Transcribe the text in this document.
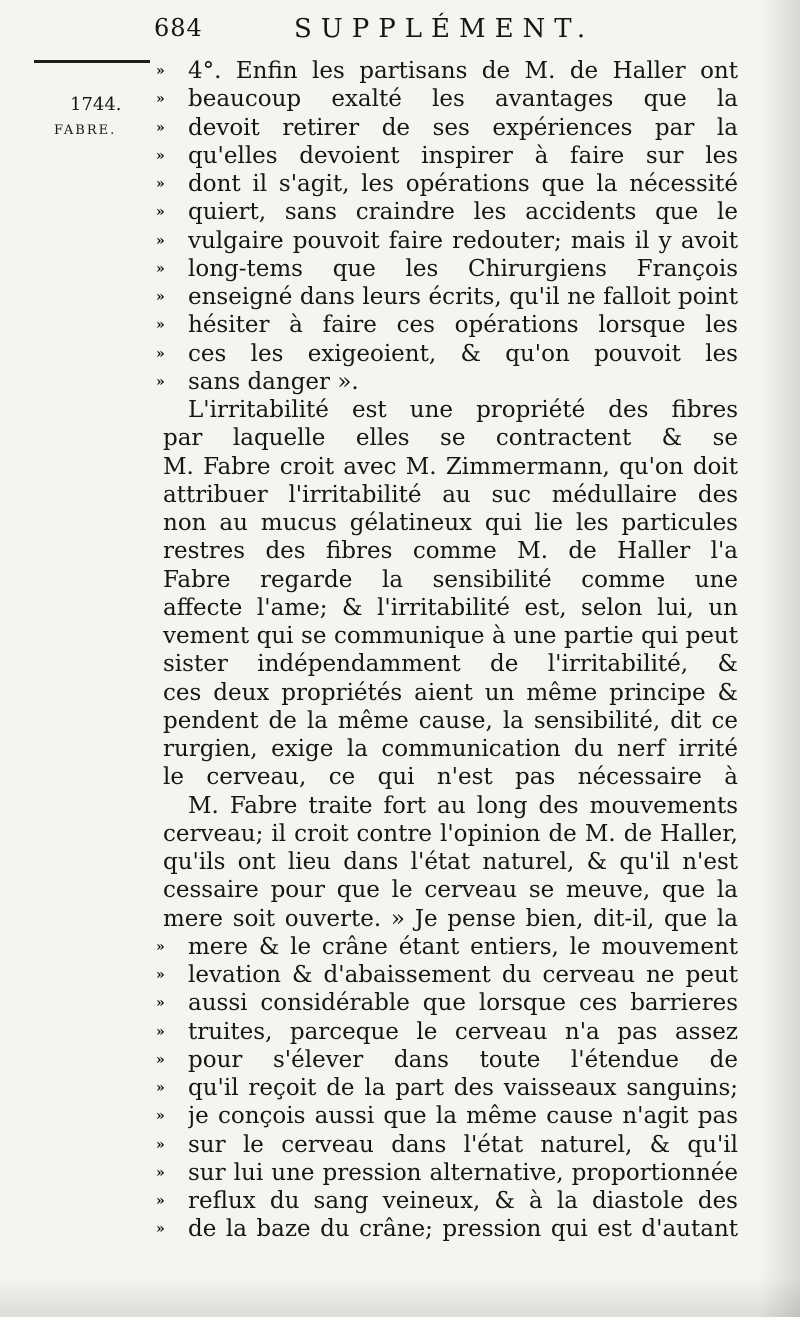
684	SUPPLÉMENT.
1744.
FABRE.
»	4°. Enfin les partisans de M. de Haller ont
»	beaucoup exalté les avantages que la
»	devoit retirer de ses expériences par la
»	qu'elles devoient inspirer à faire sur les
»	dont il s'agit, les opérations que la nécessité
»	quiert, sans craindre les accidents que le
»	vulgaire pouvoit faire redouter; mais il y avoit
»	long-tems que les Chirurgiens François
»	enseigné dans leurs écrits, qu'il ne falloit point
»	hésiter à faire ces opérations lorsque les
»	ces les exigeoient, & qu'on pouvoit les
»	sans danger ».
L'irritabilité est une propriété des fibres
par laquelle elles se contractent & se
M. Fabre croit avec M. Zimmermann, qu'on doit
attribuer l'irritabilité au suc médullaire des
non au mucus gélatineux qui lie les particules
restres des fibres comme M. de Haller l'a
Fabre regarde la sensibilité comme une
affecte l'ame; & l'irritabilité est, selon lui, un
vement qui se communique à une partie qui peut
sister indépendamment de l'irritabilité, &
ces deux propriétés aient un même principe &
pendent de la même cause, la sensibilité, dit ce
rurgien, exige la communication du nerf irrité
le cerveau, ce qui n'est pas nécessaire à
M. Fabre traite fort au long des mouvements
cerveau; il croit contre l'opinion de M. de Haller,
qu'ils ont lieu dans l'état naturel, & qu'il n'est
cessaire pour que le cerveau se meuve, que la
mere soit ouverte. » Je pense bien, dit-il, que la
»	mere & le crâne étant entiers, le mouvement
»	levation & d'abaissement du cerveau ne peut
»	aussi considérable que lorsque ces barrieres
»	truites, parceque le cerveau n'a pas assez
»	pour s'élever dans toute l'étendue de
»	qu'il reçoit de la part des vaisseaux sanguins;
»	je conçois aussi que la même cause n'agit pas
»	sur le cerveau dans l'état naturel, & qu'il
»	sur lui une pression alternative, proportionnée
»	reflux du sang veineux, & à la diastole des
»	de la baze du crâne; pression qui est d'autant
